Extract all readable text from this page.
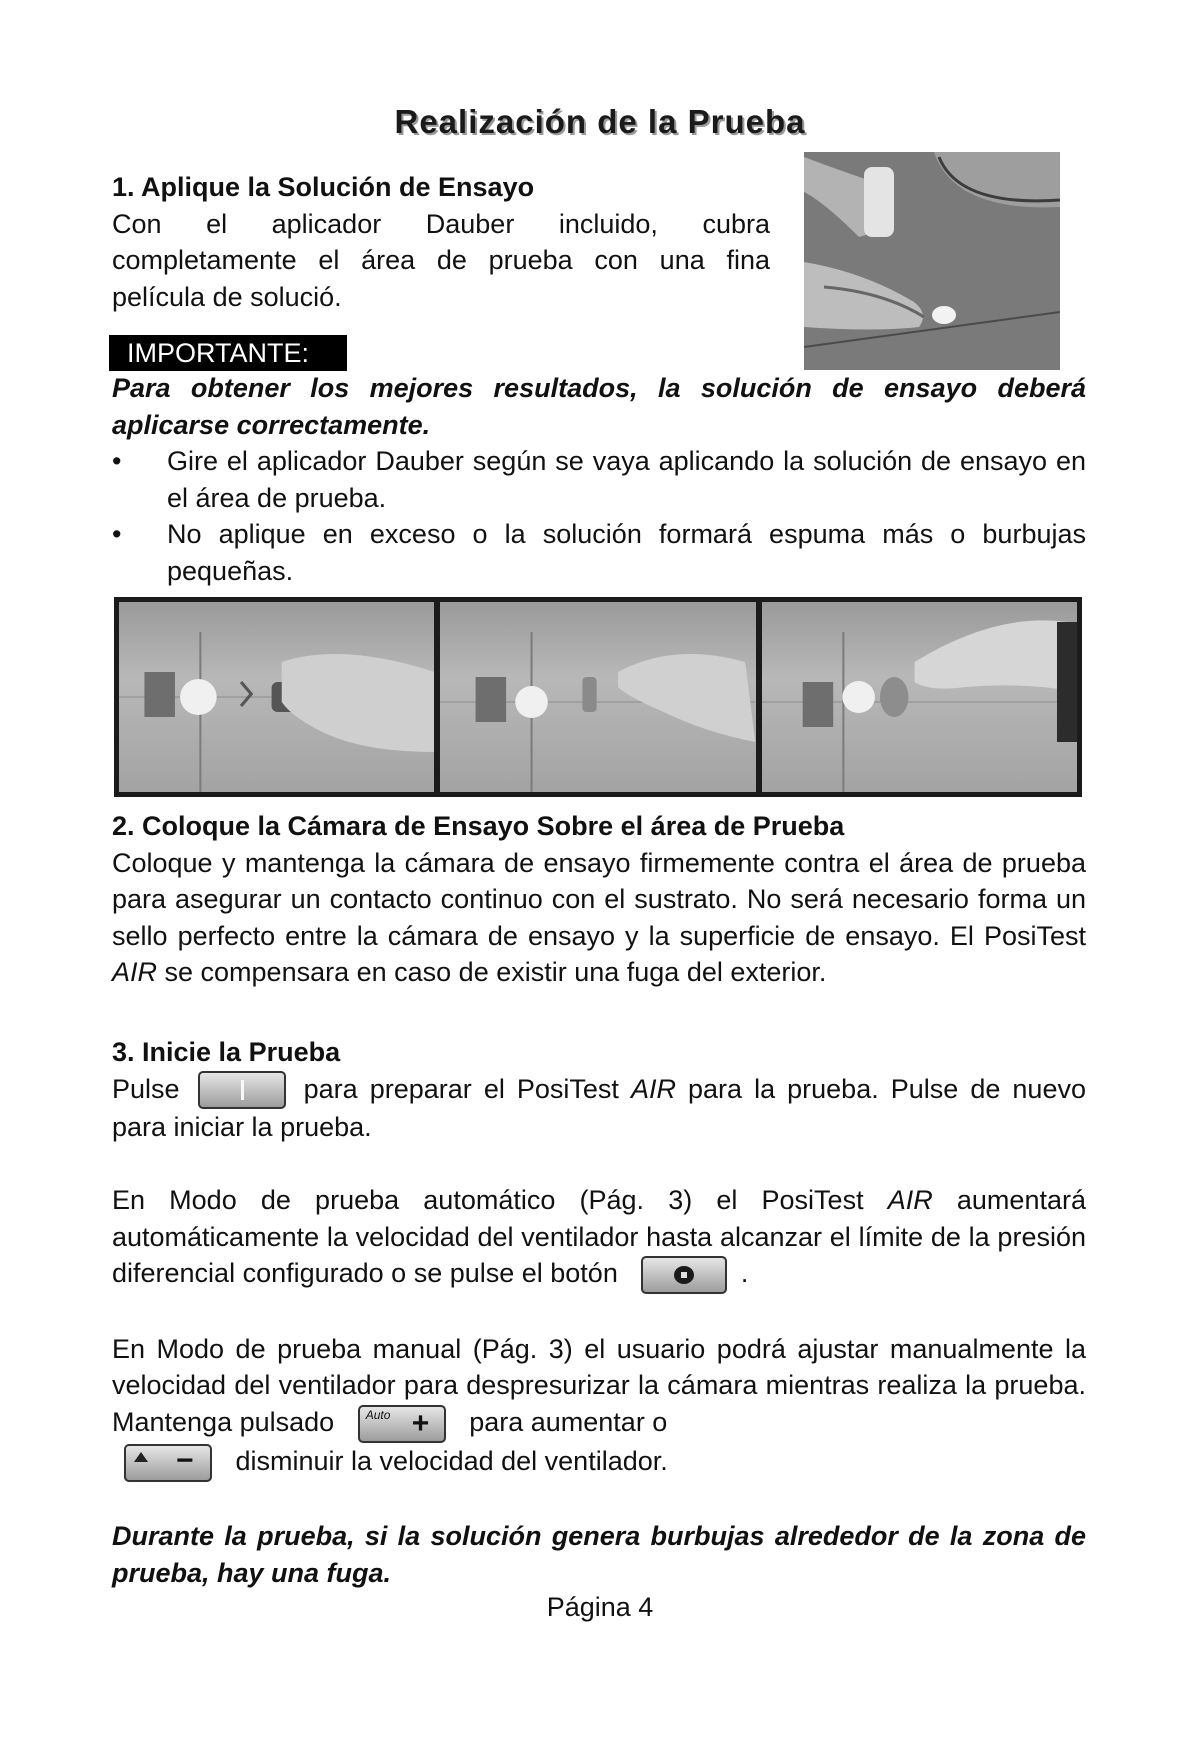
Realización de la Prueba
1. Aplique la Solución de Ensayo
Con el aplicador Dauber incluido, cubra completamente el área de prueba con una fina película de solució.
IMPORTANTE:
Para obtener los mejores resultados, la solución de ensayo deberá aplicarse correctamente.
• Gire el aplicador Dauber según se vaya aplicando la solución de ensayo en el área de prueba.
• No aplique en exceso o la solución formará espuma más o burbujas pequeñas.
2. Coloque la Cámara de Ensayo Sobre el área de Prueba
Coloque y mantenga la cámara de ensayo firmemente contra el área de prueba para asegurar un contacto continuo con el sustrato. No será necesario forma un sello perfecto entre la cámara de ensayo y la superficie de ensayo. El PosiTest AIR se compensara en caso de existir una fuga del exterior.
3. Inicie la Prueba
Pulse	para preparar el PosiTest AIR para la prueba. Pulse de nuevo para iniciar la prueba.
En Modo de prueba automático (Pág. 3) el PosiTest AIR aumentará automáticamente la velocidad del ventilador hasta alcanzar el límite de la presión diferencial configurado o se pulse el botón	.
En Modo de prueba manual (Pág. 3) el usuario podrá ajustar manualmente la velocidad del ventilador para despresurizar la cámara mientras realiza la prueba. Mantenga pulsado	Auto + para aumentar o

− disminuir la velocidad del ventilador.
Durante la prueba, si la solución genera burbujas alrededor de la zona de prueba, hay una fuga.
Página 4
